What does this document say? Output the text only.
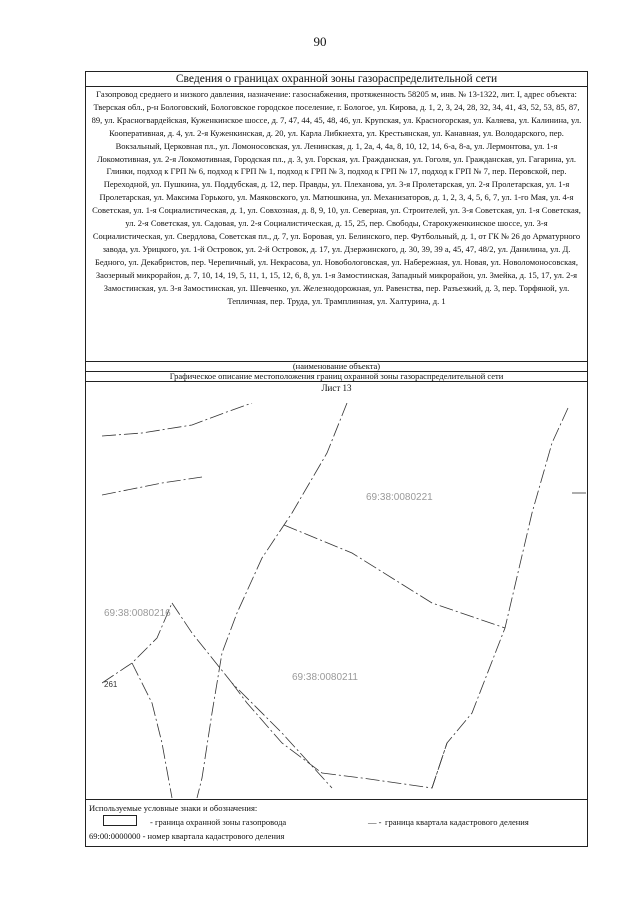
90
Сведения о границах охранной зоны газораспределительной сети
Газопровод среднего и низкого давления, назначение: газоснабжения, протяженность 58205 м, инв. № 13-1322, лит. I, адрес объекта: Тверская обл., р-н Бологовский, Бологовское городское поселение, г. Бологое, ул. Кирова, д. 1, 2, 3, 24, 28, 32, 34, 41, 43, 52, 53, 85, 87, 89, ул. Красногвардейская, Куженкинское шоссе, д. 7, 47, 44, 45, 48, 46, ул. Крупская, ул. Красногорская, ул. Каляева, ул. Калинина, ул. Кооперативная, д. 4, ул. 2-я Куженкинская, д. 20, ул. Карла Либкнехта, ул. Крестьянская, ул. Канавная, ул. Володарского, пер. Вокзальный, Церковная пл., ул. Ломоносовская, ул. Ленинская, д. 1, 2а, 4, 4а, 8, 10, 12, 14, 6-а, 8-а, ул. Лермонтова, ул. 1-я Локомотивная, ул. 2-я Локомотивная, Городская пл., д. 3, ул. Горская, ул. Гражданская, ул. Гоголя, ул. Гражданская, ул. Гагарина, ул. Глинки, подход к ГРП № 6, подход к ГРП № 1, подход к ГРП № 3, подход к ГРП № 17, подход к ГРП № 7, пер. Перовской, пер. Переходной, ул. Пушкина, ул. Поддубская, д. 12, пер. Правды, ул. Плеханова, ул. 3-я Пролетарская, ул. 2-я Пролетарская, ул. 1-я Пролетарская, ул. Максима Горького, ул. Маяковского, ул. Матюшкина, ул. Механизаторов, д. 1, 2, 3, 4, 5, 6, 7, ул. 1-го Мая, ул. 4-я Советская, ул. 1-я Социалистическая, д. 1, ул. Совхозная, д. 8, 9, 10, ул. Северная, ул. Строителей, ул. 3-я Советская, ул. 1-я Советская, ул. 2-я Советская, ул. Садовая, ул. 2-я Социалистическая, д. 15, 25, пер. Свободы, Старокуженкинское шоссе, ул. 3-я Социалистическая, ул. Свердлова, Советская пл., д. 7, ул. Боровая, ул. Белинского, пер. Футбольный, д. 1, от ГК № 26 до Арматурного завода, ул. Урицкого, ул. 1-й Островок, ул. 2-й Островок, д. 17, ул. Дзержинского, д. 30, 39, 39 а, 45, 47, 48/2, ул. Данилина, ул. Д. Бедного, ул. Декабристов, пер. Черепичный, ул. Некрасова, ул. Новобологовская, ул. Набережная, ул. Новая, ул. Новоломоносовская, Заозерный микрорайон, д. 7, 10, 14, 19, 5, 11, 1, 15, 12, 6, 8, ул. 1-я Замостинская, Западный микрорайон, ул. Змейка, д. 15, 17, ул. 2-я Замостинская, ул. 3-я Замостинская, ул. Шевченко, ул. Железнодорожная, ул. Равенства, пер. Разъезжий, д. 3, пер. Торфяной, ул. Тепличная, пер. Труда, ул. Трамплинная, ул. Халтурина, д. 1
(наименование объекта)
Графическое описание местоположения границ охранной зоны газораспределительной сети
Лист 13
69:38:0080221
69:38:0080216
69:38:0080211
261
Используемые условные знаки и обозначения:
- граница охранной зоны газопровода	— - граница квартала кадастрового деления
69:00:0000000 - номер квартала кадастрового деления
